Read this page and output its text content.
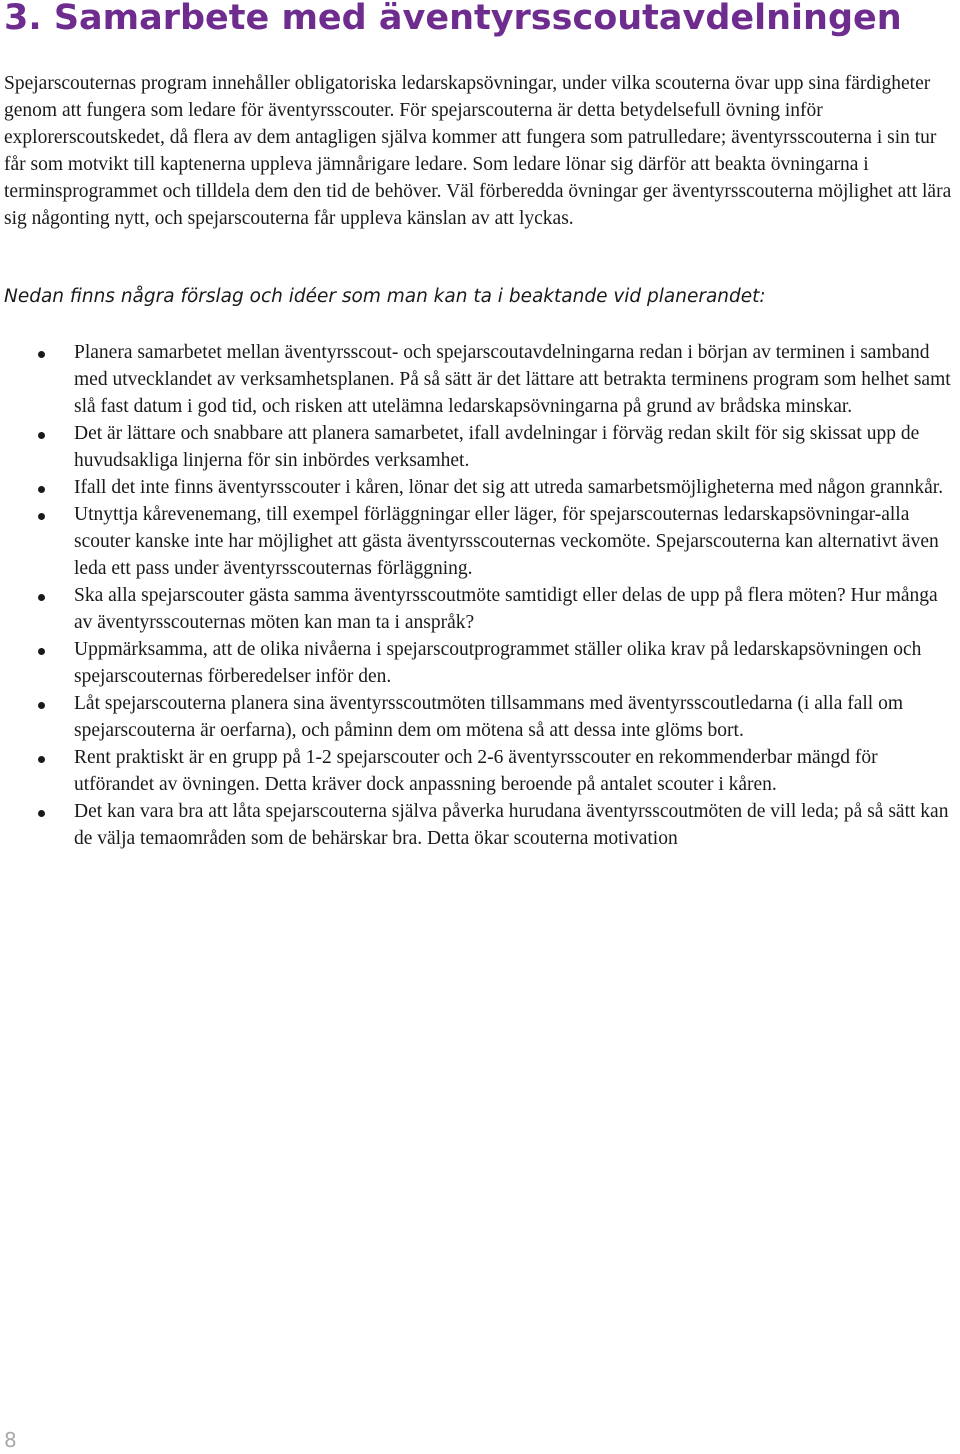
3. Samarbete med äventyrsscoutavdelningen

Spejarscouternas program innehåller obligatoriska ledarskapsövningar, under vilka scouterna övar upp sina färdigheter genom att fungera som ledare för äventyrsscouter. För spejarscouterna är detta betydelsefull övning inför explorerscoutskedet, då flera av dem antagligen själva kommer att fungera som patrulledare; äventyrsscouterna i sin tur får som motvikt till kaptenerna uppleva jämnårigare ledare. Som ledare lönar sig därför att beakta övningarna i terminsprogrammet och tilldela dem den tid de behöver. Väl förberedda övningar ger äventyrsscouterna möjlighet att lära sig någonting nytt, och spejarscouterna får uppleva känslan av att lyckas.

Nedan finns några förslag och idéer som man kan ta i beaktande vid planerandet:

Planera samarbetet mellan äventyrsscout- och spejarscoutavdelningarna redan i början av terminen i samband med utvecklandet av verksamhetsplanen. På så sätt är det lättare att betrakta terminens program som helhet samt slå fast datum i god tid, och risken att utelämna ledarskapsövningarna på grund av brådska minskar.
Det är lättare och snabbare att planera samarbetet, ifall avdelningar i förväg redan skilt för sig skissat upp de huvudsakliga linjerna för sin inbördes verksamhet.
Ifall det inte finns äventyrsscouter i kåren, lönar det sig att utreda samarbetsmöjligheterna med någon grannkår.
Utnyttja kårevenemang, till exempel förläggningar eller läger, för spejarscouternas ledarskapsövningar-alla scouter kanske inte har möjlighet att gästa äventyrsscouternas veckomöte. Spejarscouterna kan alternativt även leda ett pass under äventyrsscouternas förläggning.
Ska alla spejarscouter gästa samma äventyrsscoutmöte samtidigt eller delas de upp på flera möten? Hur många av äventyrsscouternas möten kan man ta i anspråk?
Uppmärksamma, att de olika nivåerna i spejarscoutprogrammet ställer olika krav på ledarskapsövningen och spejarscouternas förberedelser inför den.
Låt spejarscouterna planera sina äventyrsscoutmöten tillsammans med äventyrsscoutledarna (i alla fall om spejarscouterna är oerfarna), och påminn dem om mötena så att dessa inte glöms bort.
Rent praktiskt är en grupp på 1-2 spejarscouter och 2-6 äventyrsscouter en rekommenderbar mängd för utförandet av övningen. Detta kräver dock anpassning beroende på antalet scouter i kåren.
Det kan vara bra att låta spejarscouterna själva påverka hurudana äventyrsscoutmöten de vill leda; på så sätt kan de välja temaområden som de behärskar bra. Detta ökar scouterna motivation
8
